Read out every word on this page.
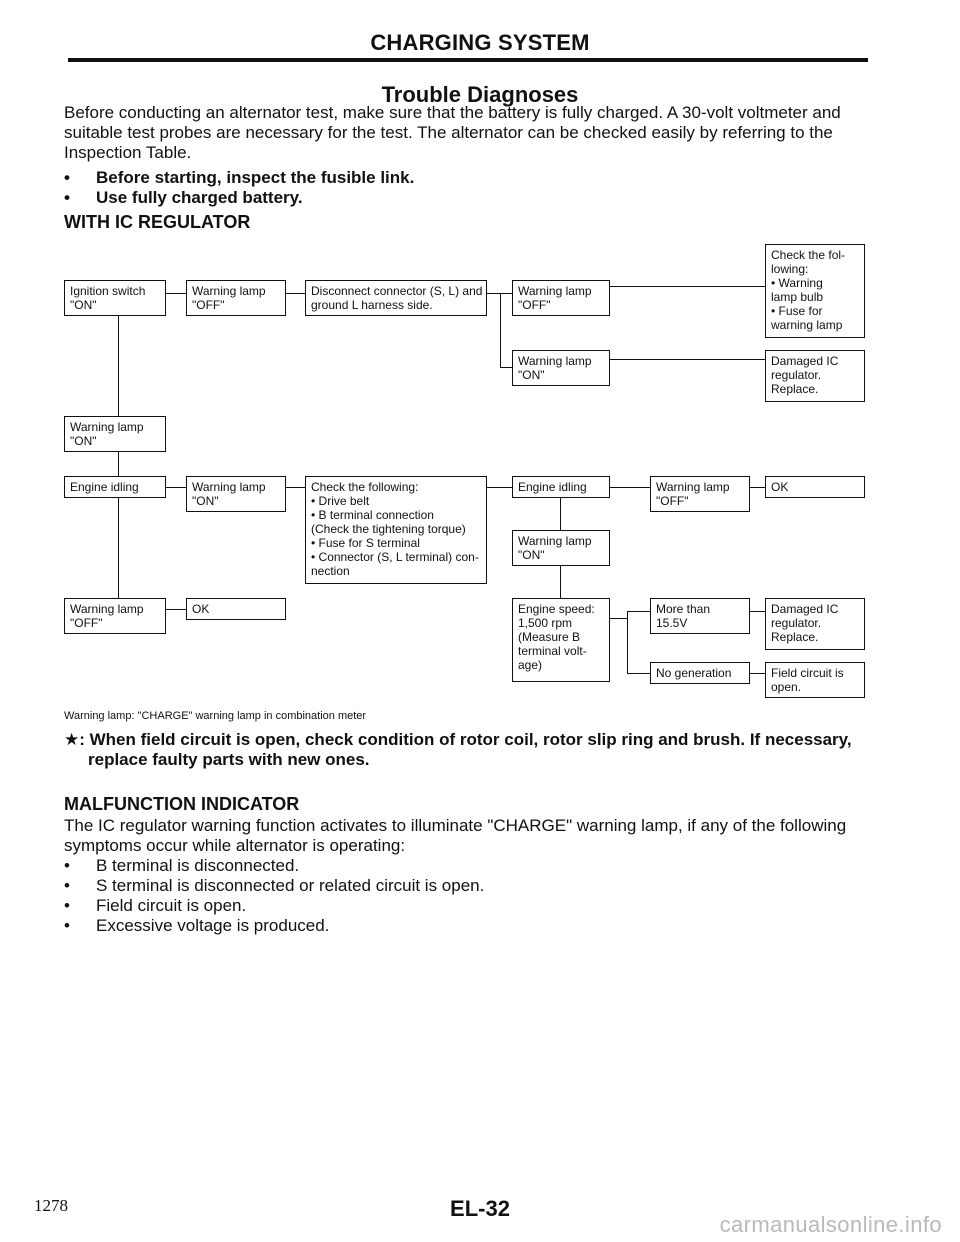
CHARGING SYSTEM
Trouble Diagnoses

Before conducting an alternator test, make sure that the battery is fully charged. A 30-volt voltmeter and suitable test probes are necessary for the test. The alternator can be checked easily by referring to the Inspection Table.

• Before starting, inspect the fusible link.
• Use fully charged battery.
WITH IC REGULATOR
Ignition switch
"ON"
Warning lamp
"OFF"
Disconnect connector (S, L) and
ground L harness side.
Warning lamp
"OFF"
Check the fol-
lowing:
• Warning
lamp bulb
• Fuse for
warning lamp
Warning lamp
"ON"
Damaged IC
regulator.
Replace.
Warning lamp
"ON"
Engine idling	Warning lamp
"ON"
Check the following:
• Drive belt
• B terminal connection
(Check the tightening torque)
• Fuse for S terminal
• Connector (S, L terminal) con-
nection
Engine idling	Warning lamp
"OFF"
OK
Warning lamp
"ON"
Warning lamp
"OFF"
OK	Engine speed:
1,500 rpm
(Measure B
terminal volt-
age)
More than
15.5V
Damaged IC
regulator.
Replace.
No generation	Field circuit is
open.
Warning lamp: "CHARGE" warning lamp in combination meter
★: When field circuit is open, check condition of rotor coil, rotor slip ring and brush. If necessary,
replace faulty parts with new ones.
MALFUNCTION INDICATOR
The IC regulator warning function activates to illuminate "CHARGE" warning lamp, if any of the following symptoms occur while alternator is operating:
• B terminal is disconnected.
• S terminal is disconnected or related circuit is open.
• Field circuit is open.
• Excessive voltage is produced.
1278	EL-32
carmanualsonline.info
